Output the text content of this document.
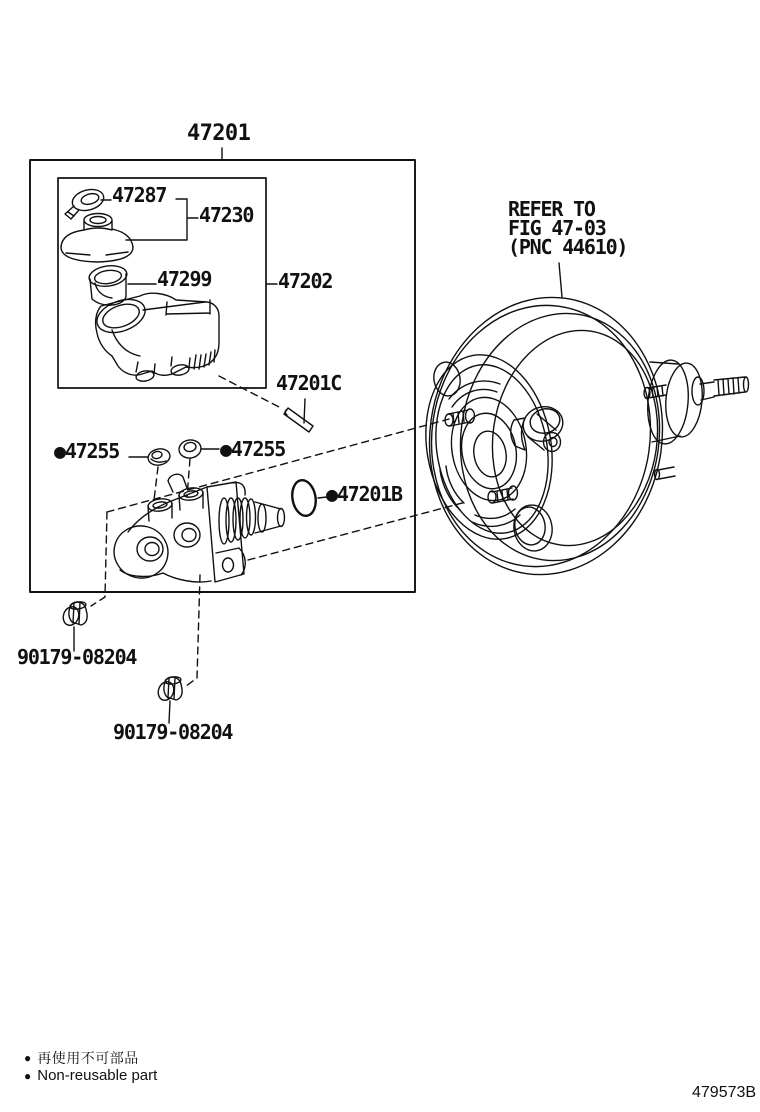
47201
47287
47230
47299	47202
47201C
●47255	●47255
●47201B
90179-08204
90179-08204
REFER TO
FIG 47-03
(PNC 44610)
● 再使用不可部品
● Non-reusable part
479573B
